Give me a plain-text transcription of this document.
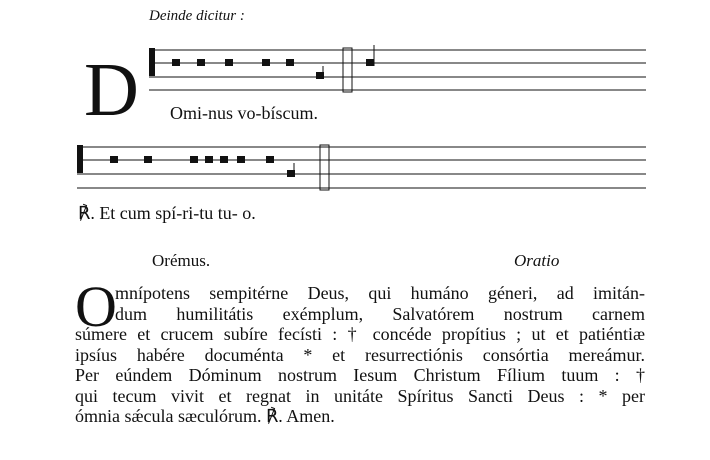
Deinde dicitur :
D Omi-nus vo-bíscum.
℟. Et cum spí-ri-tu tu- o.
Orémus.	Oratio
O
mnípotens sempitérne Deus, qui humáno géneri, ad imitán-
dum humilitátis exémplum, Salvatórem nostrum carnem
súmere et crucem subíre fecísti : † concéde propítius ; ut et patiéntiæ
ipsíus habére documénta * et resurrectiónis consórtia mereámur.
Per eúndem Dóminum nostrum Iesum Christum Fílium tuum : †
qui tecum vivit et regnat in unitáte Spíritus Sancti Deus : * per
ómnia sǽcula sæculórum. ℟. Amen.
